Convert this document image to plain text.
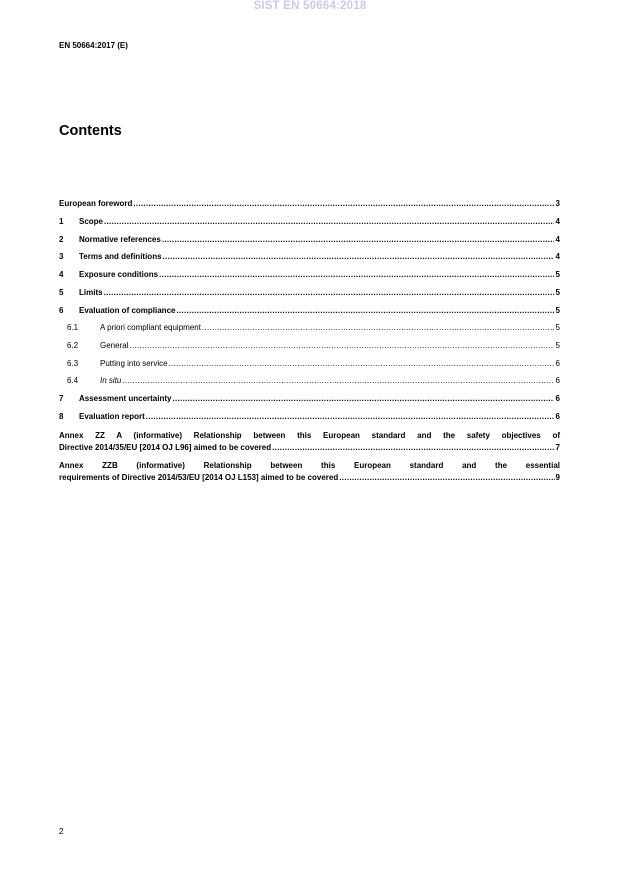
SIST EN 50664:2018
EN 50664:2017 (E)
Contents
European foreword .....	3
1	Scope .....	4
2	Normative references .....	4
3	Terms and definitions .....	4
4	Exposure conditions .....	5
5	Limits .....	5
6	Evaluation of compliance .....	5
6.1	A priori compliant equipment .....	5
6.2	General .....	5
6.3	Putting into service .....	6
6.4	In situ .....	6
7	Assessment uncertainty .....	6
8	Evaluation report .....	6
Annex ZZ A (informative) Relationship between this European standard and the safety objectives of
Directive 2014/35/EU [2014 OJ L96] aimed to be covered .....	7
Annex ZZB (informative) Relationship between this European standard and the essential
requirements of Directive 2014/53/EU [2014 OJ L153] aimed to be covered .....	9
2
